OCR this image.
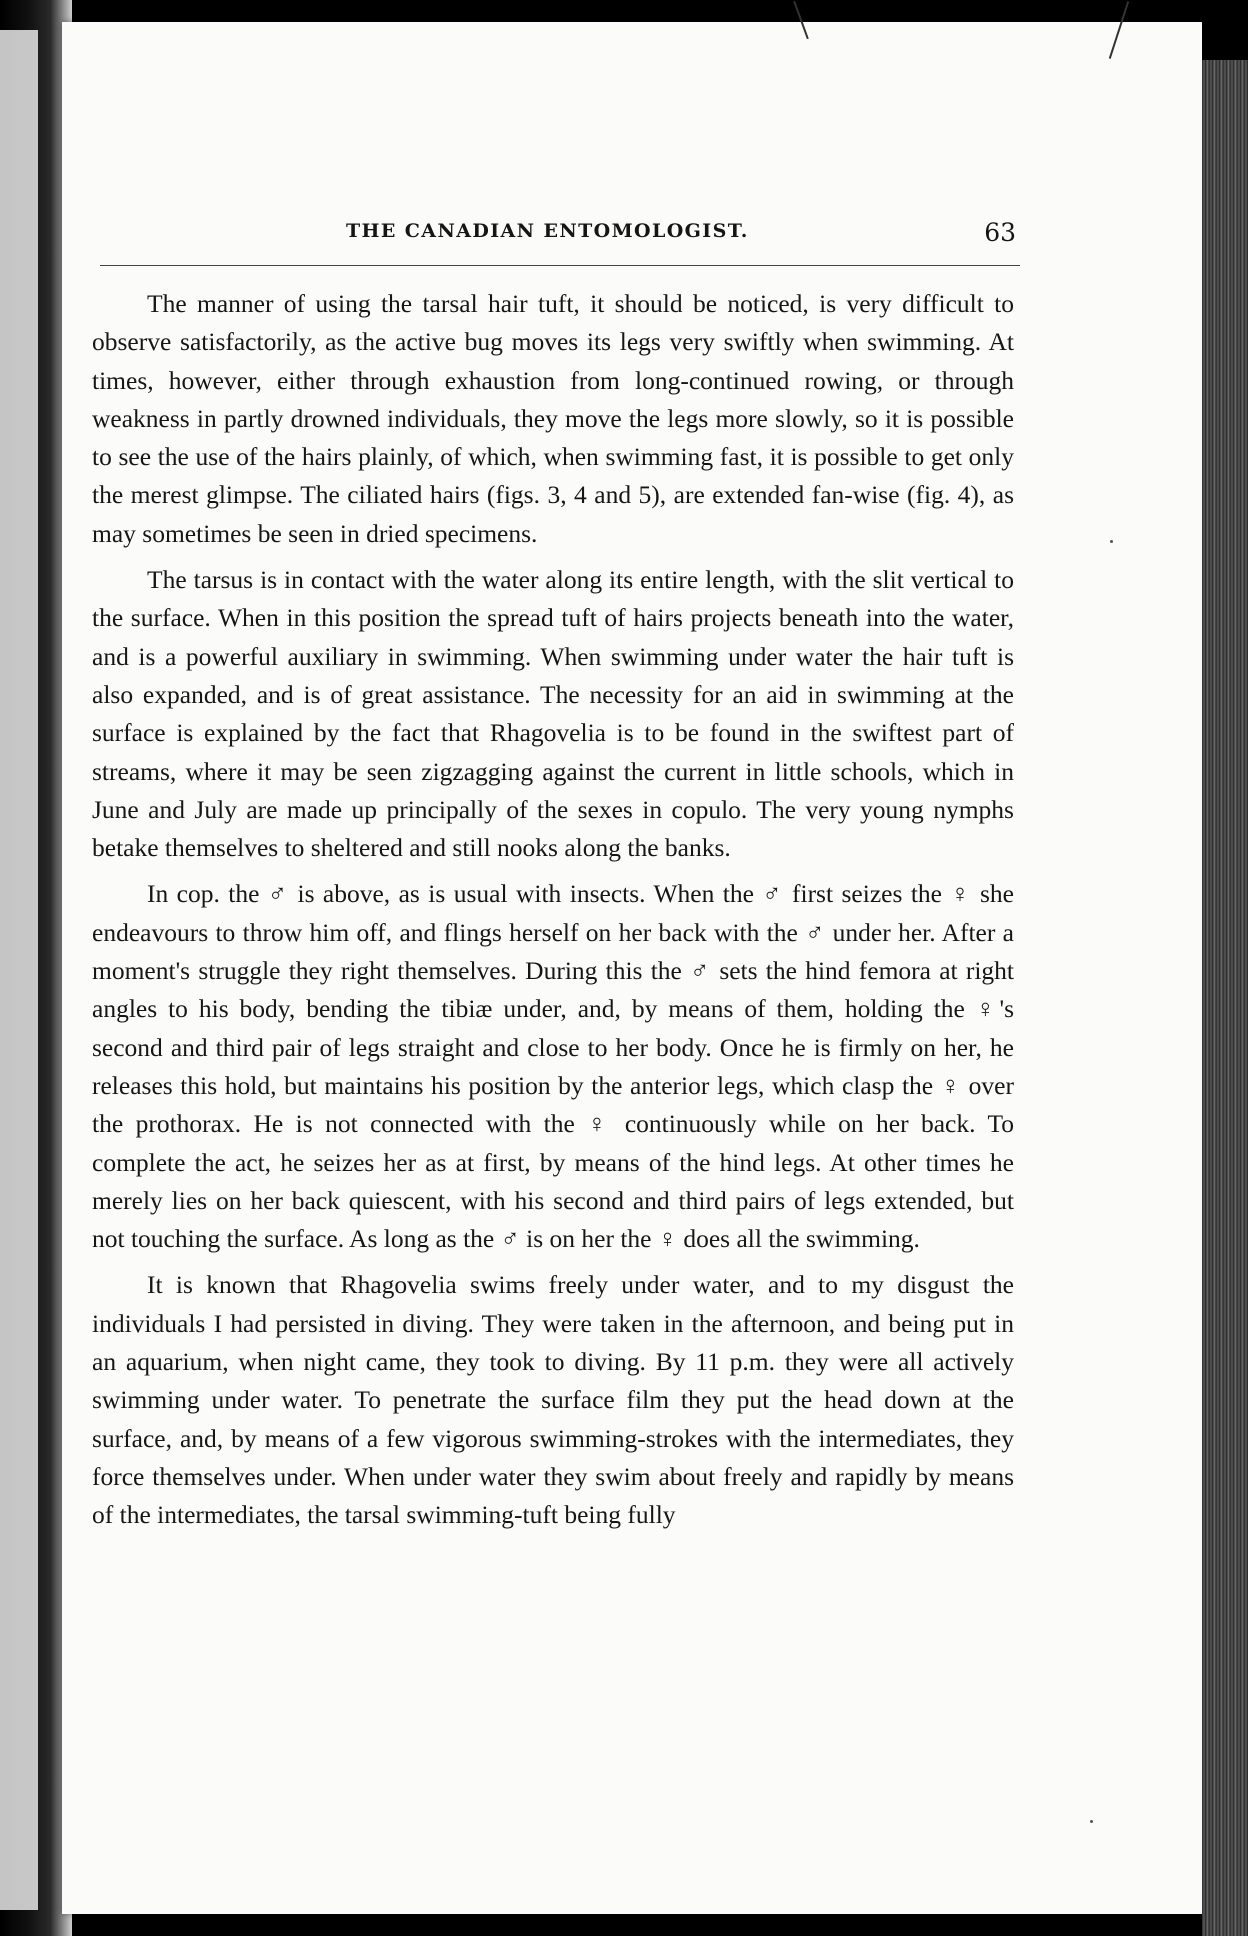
THE CANADIAN ENTOMOLOGIST.	63

The manner of using the tarsal hair tuft, it should be noticed, is very difficult to observe satisfactorily, as the active bug moves its legs very swiftly when swimming. At times, however, either through exhaustion from long-continued rowing, or through weakness in partly drowned individuals, they move the legs more slowly, so it is possible to see the use of the hairs plainly, of which, when swimming fast, it is possible to get only the merest glimpse. The ciliated hairs (figs. 3, 4 and 5), are extended fan-wise (fig. 4), as may sometimes be seen in dried specimens.

The tarsus is in contact with the water along its entire length, with the slit vertical to the surface. When in this position the spread tuft of hairs projects beneath into the water, and is a powerful auxiliary in swimming. When swimming under water the hair tuft is also expanded, and is of great assistance. The necessity for an aid in swimming at the surface is explained by the fact that Rhagovelia is to be found in the swiftest part of streams, where it may be seen zigzagging against the current in little schools, which in June and July are made up principally of the sexes in copulo. The very young nymphs betake themselves to sheltered and still nooks along the banks.

In cop. the ♂ is above, as is usual with insects. When the ♂ first seizes the ♀ she endeavours to throw him off, and flings herself on her back with the ♂ under her. After a moment's struggle they right themselves. During this the ♂ sets the hind femora at right angles to his body, bending the tibiæ under, and, by means of them, holding the ♀'s second and third pair of legs straight and close to her body. Once he is firmly on her, he releases this hold, but maintains his position by the anterior legs, which clasp the ♀ over the prothorax. He is not connected with the ♀ continuously while on her back. To complete the act, he seizes her as at first, by means of the hind legs. At other times he merely lies on her back quiescent, with his second and third pairs of legs extended, but not touching the surface. As long as the ♂ is on her the ♀ does all the swimming.

It is known that Rhagovelia swims freely under water, and to my disgust the individuals I had persisted in diving. They were taken in the afternoon, and being put in an aquarium, when night came, they took to diving. By 11 p.m. they were all actively swimming under water. To penetrate the surface film they put the head down at the surface, and, by means of a few vigorous swimming-strokes with the intermediates, they force themselves under. When under water they swim about freely and rapidly by means of the intermediates, the tarsal swimming-tuft being fully
